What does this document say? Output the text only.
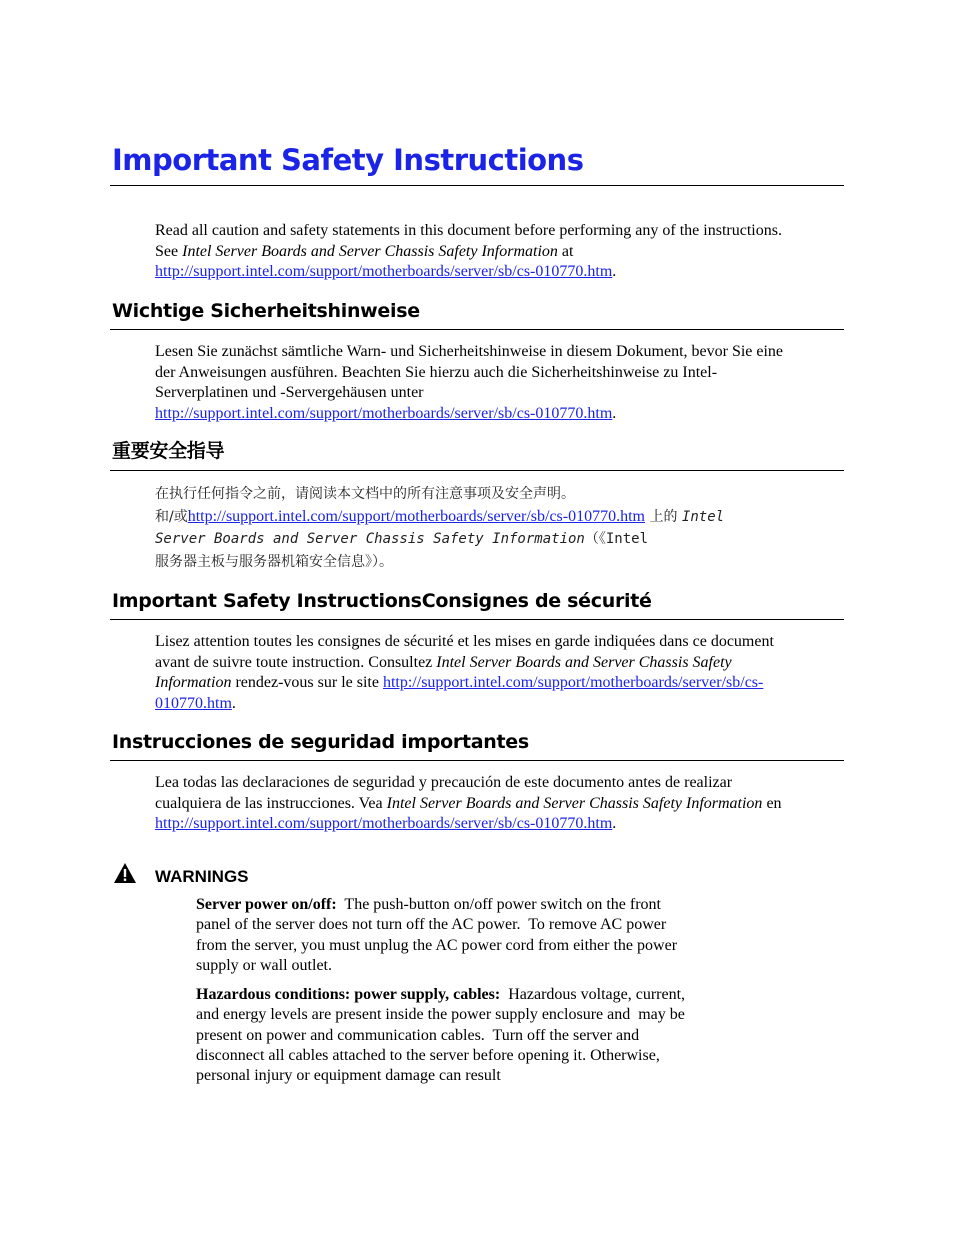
Important Safety Instructions
Read all caution and safety statements in this document before performing any of the instructions.
See Intel Server Boards and Server Chassis Safety Information at
http://support.intel.com/support/motherboards/server/sb/cs-010770.htm.
Wichtige Sicherheitshinweise
Lesen Sie zunächst sämtliche Warn- und Sicherheitshinweise in diesem Dokument, bevor Sie eine
der Anweisungen ausführen. Beachten Sie hierzu auch die Sicherheitshinweise zu Intel-
Serverplatinen und -Servergehäusen unter
http://support.intel.com/support/motherboards/server/sb/cs-010770.htm.
重要安全指导
在执行任何指令之前，请阅读本文档中的所有注意事项及安全声明。
和/或http://support.intel.com/support/motherboards/server/sb/cs-010770.htm 上的 Intel
Server Boards and Server Chassis Safety Information（《Intel
服务器主板与服务器机箱安全信息》）。
Important Safety InstructionsConsignes de sécurité
Lisez attention toutes les consignes de sécurité et les mises en garde indiquées dans ce document
avant de suivre toute instruction. Consultez Intel Server Boards and Server Chassis Safety
Information rendez-vous sur le site http://support.intel.com/support/motherboards/server/sb/cs-
010770.htm.
Instrucciones de seguridad importantes
Lea todas las declaraciones de seguridad y precaución de este documento antes de realizar
cualquiera de las instrucciones. Vea Intel Server Boards and Server Chassis Safety Information en
http://support.intel.com/support/motherboards/server/sb/cs-010770.htm.
WARNINGS
Server power on/off:  The push-button on/off power switch on the front
panel of the server does not turn off the AC power.  To remove AC power
from the server, you must unplug the AC power cord from either the power
supply or wall outlet.
Hazardous conditions: power supply, cables:  Hazardous voltage, current,
and energy levels are present inside the power supply enclosure and  may be
present on power and communication cables.  Turn off the server and
disconnect all cables attached to the server before opening it. Otherwise,
personal injury or equipment damage can result
